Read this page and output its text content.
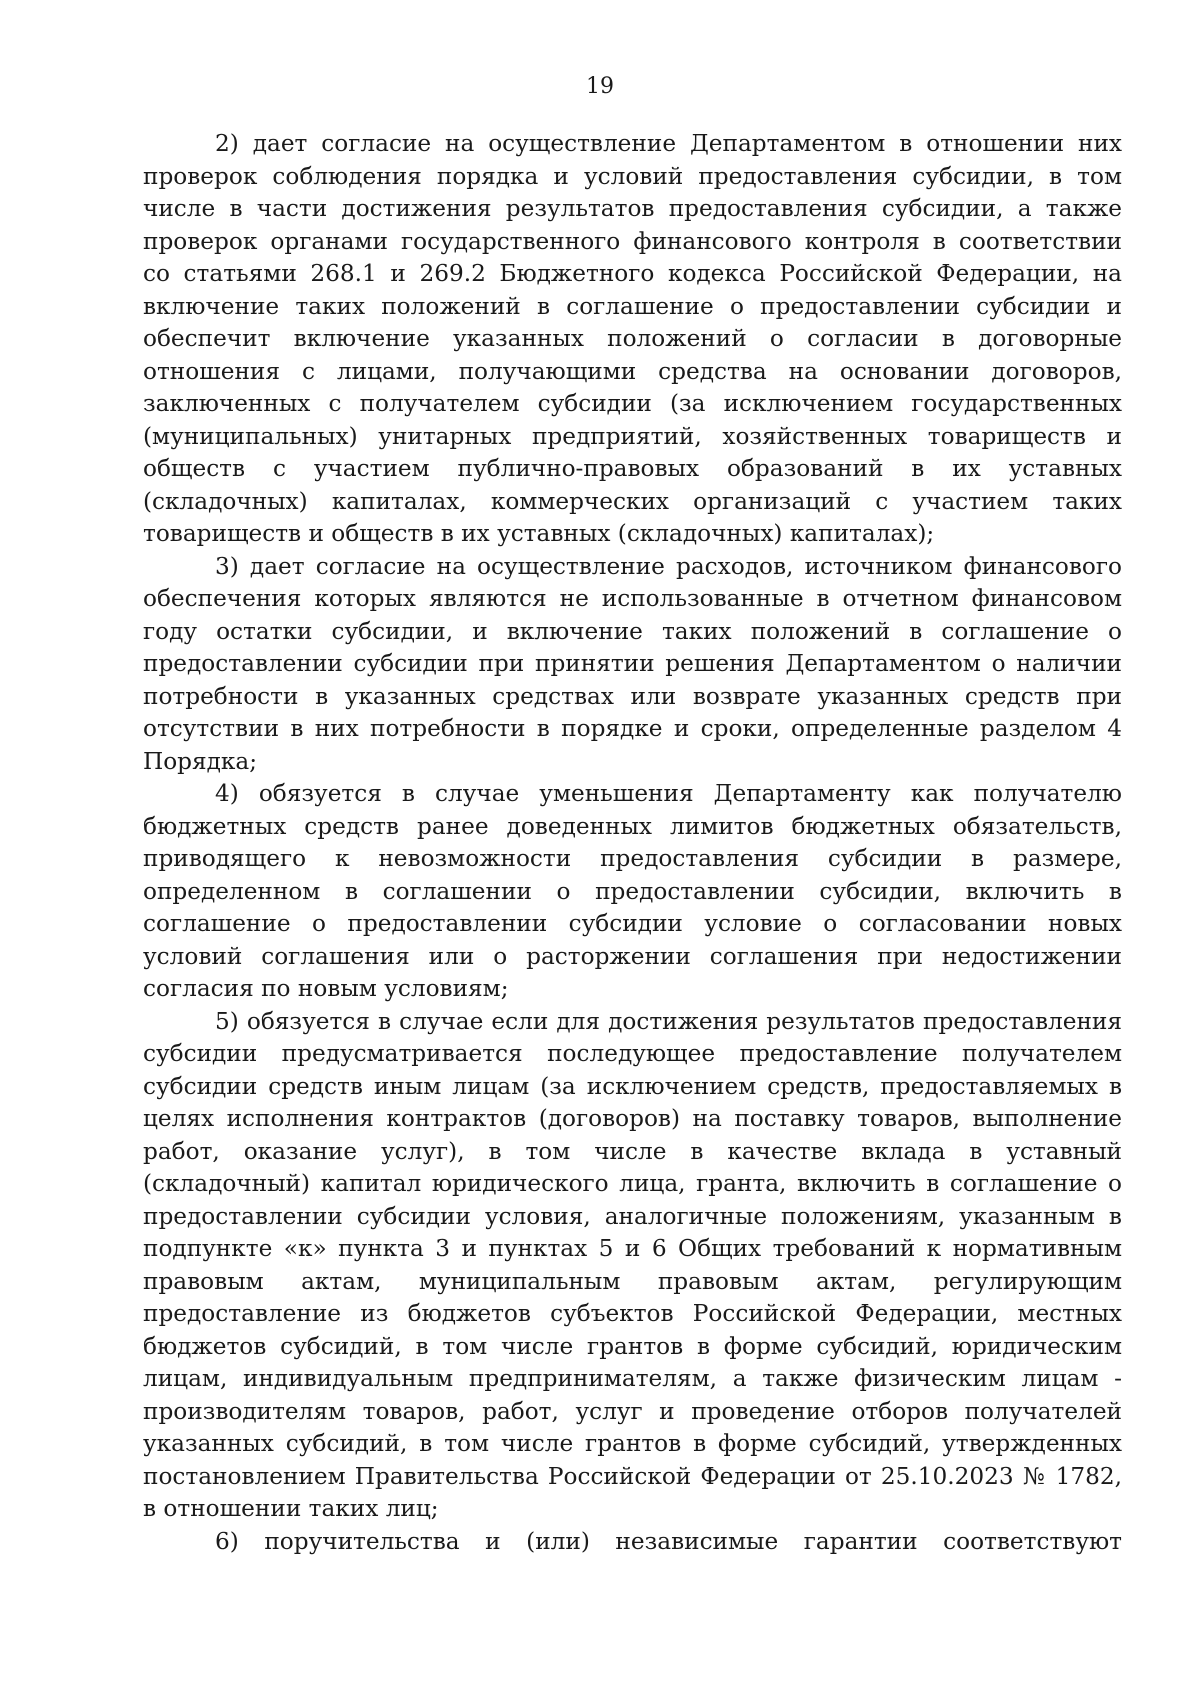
19

2) дает согласие на осуществление Департаментом в отношении них проверок соблюдения порядка и условий предоставления субсидии, в том числе в части достижения результатов предоставления субсидии, а также проверок органами государственного финансового контроля в соответствии со статьями 268.1 и 269.2 Бюджетного кодекса Российской Федерации, на включение таких положений в соглашение о предоставлении субсидии и обеспечит включение указанных положений о согласии в договорные отношения с лицами, получающими средства на основании договоров, заключенных с получателем субсидии (за исключением государственных (муниципальных) унитарных предприятий, хозяйственных товариществ и обществ с участием публично-правовых образований в их уставных (складочных) капиталах, коммерческих организаций с участием таких товариществ и обществ в их уставных (складочных) капиталах);

3) дает согласие на осуществление расходов, источником финансового обеспечения которых являются не использованные в отчетном финансовом году остатки субсидии, и включение таких положений в соглашение о предоставлении субсидии при принятии решения Департаментом о наличии потребности в указанных средствах или возврате указанных средств при отсутствии в них потребности в порядке и сроки, определенные разделом 4 Порядка;

4) обязуется в случае уменьшения Департаменту как получателю бюджетных средств ранее доведенных лимитов бюджетных обязательств, приводящего к невозможности предоставления субсидии в размере, определенном в соглашении о предоставлении субсидии, включить в соглашение о предоставлении субсидии условие о согласовании новых условий соглашения или о расторжении соглашения при недостижении согласия по новым условиям;

5) обязуется в случае если для достижения результатов предоставления субсидии предусматривается последующее предоставление получателем субсидии средств иным лицам (за исключением средств, предоставляемых в целях исполнения контрактов (договоров) на поставку товаров, выполнение работ, оказание услуг), в том числе в качестве вклада в уставный (складочный) капитал юридического лица, гранта, включить в соглашение о предоставлении субсидии условия, аналогичные положениям, указанным в подпункте «к» пункта 3 и пунктах 5 и 6 Общих требований к нормативным правовым актам, муниципальным правовым актам, регулирующим предоставление из бюджетов субъектов Российской Федерации, местных бюджетов субсидий, в том числе грантов в форме субсидий, юридическим лицам, индивидуальным предпринимателям, а также физическим лицам - производителям товаров, работ, услуг и проведение отборов получателей указанных субсидий, в том числе грантов в форме субсидий, утвержденных постановлением Правительства Российской Федерации от 25.10.2023 № 1782, в отношении таких лиц;

6) поручительства и (или) независимые гарантии соответствуют
